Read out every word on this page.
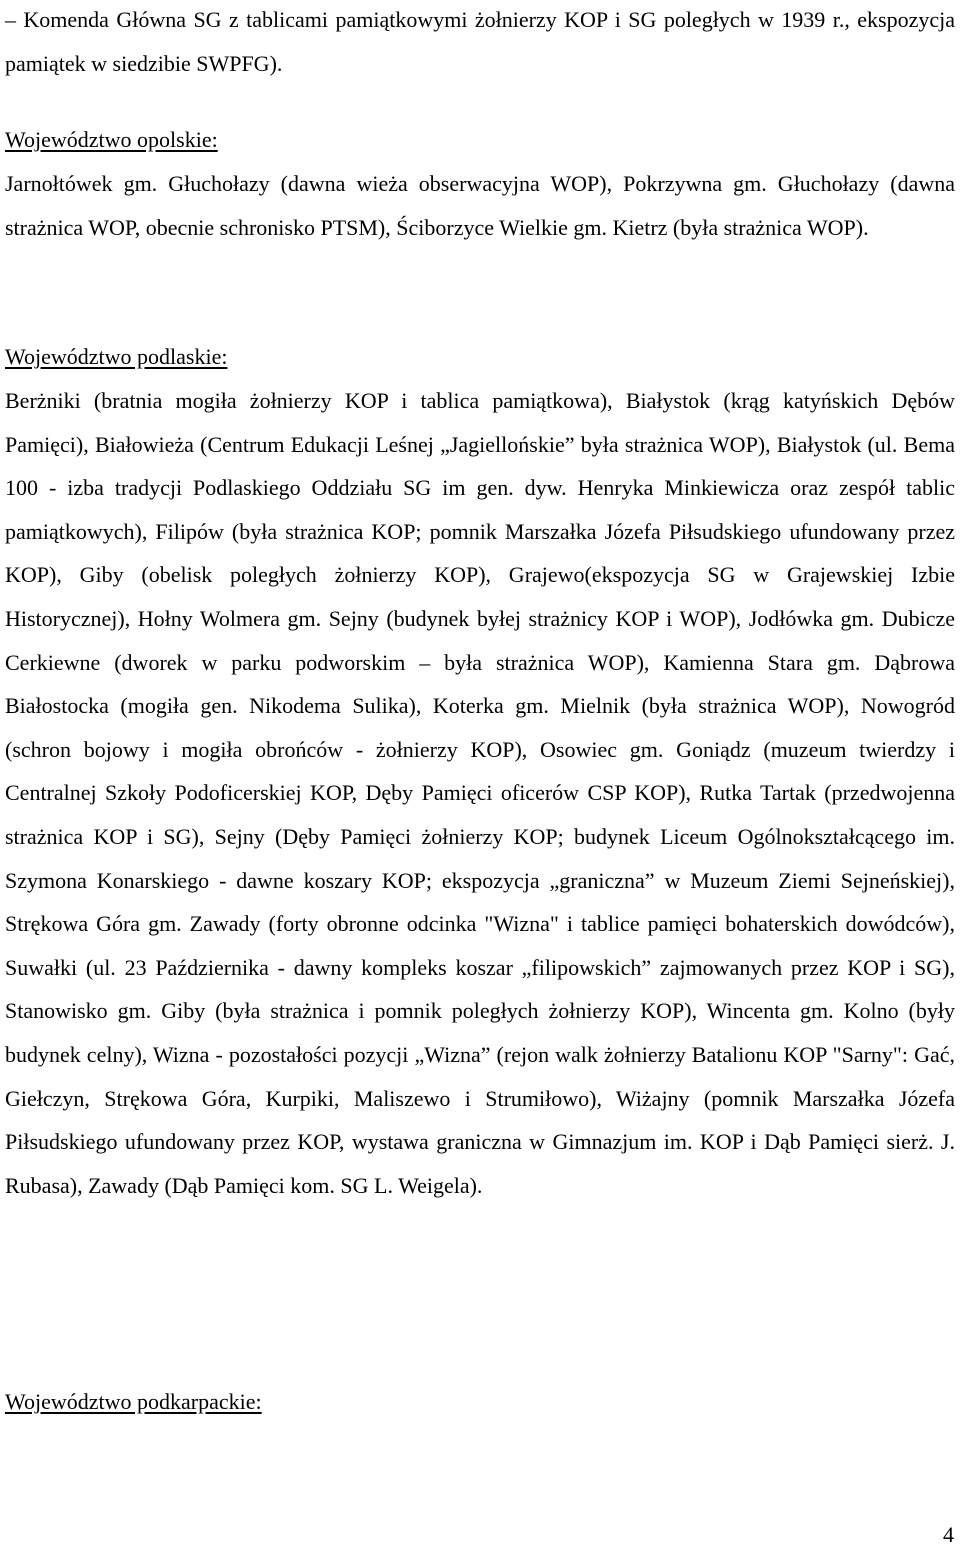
– Komenda Główna SG z tablicami pamiątkowymi żołnierzy KOP i SG poległych w 1939 r., ekspozycja pamiątek w siedzibie SWPFG).

Województwo opolskie:

Jarnołtówek gm. Głuchołazy (dawna wieża obserwacyjna WOP), Pokrzywna gm. Głuchołazy (dawna strażnica WOP, obecnie schronisko PTSM), Ściborzyce Wielkie gm. Kietrz (była strażnica WOP).

Województwo podlaskie:

Berżniki (bratnia mogiła żołnierzy KOP i tablica pamiątkowa), Białystok (krąg katyńskich Dębów Pamięci), Białowieża (Centrum Edukacji Leśnej „Jagiellońskie” była strażnica WOP), Białystok (ul. Bema 100 - izba tradycji Podlaskiego Oddziału SG im gen. dyw. Henryka Minkiewicza oraz zespół tablic pamiątkowych), Filipów (była strażnica KOP; pomnik Marszałka Józefa Piłsudskiego ufundowany przez KOP), Giby (obelisk poległych żołnierzy KOP), Grajewo(ekspozycja SG w Grajewskiej Izbie Historycznej), Hołny Wolmera gm. Sejny (budynek byłej strażnicy KOP i WOP), Jodłówka gm. Dubicze Cerkiewne (dworek w parku podworskim – była strażnica WOP), Kamienna Stara gm. Dąbrowa Białostocka (mogiła gen. Nikodema Sulika), Koterka gm. Mielnik (była strażnica WOP), Nowogród (schron bojowy i mogiła obrońców - żołnierzy KOP), Osowiec gm. Goniądz (muzeum twierdzy i Centralnej Szkoły Podoficerskiej KOP, Dęby Pamięci oficerów CSP KOP), Rutka Tartak (przedwojenna strażnica KOP i SG), Sejny (Dęby Pamięci żołnierzy KOP; budynek Liceum Ogólnokształcącego im. Szymona Konarskiego - dawne koszary KOP; ekspozycja „graniczna” w Muzeum Ziemi Sejneńskiej), Strękowa Góra gm. Zawady (forty obronne odcinka "Wizna" i tablice pamięci bohaterskich dowódców), Suwałki (ul. 23 Października - dawny kompleks koszar „filipowskich” zajmowanych przez KOP i SG), Stanowisko gm. Giby (była strażnica i pomnik poległych żołnierzy KOP), Wincenta gm. Kolno (były budynek celny), Wizna - pozostałości pozycji „Wizna” (rejon walk żołnierzy Batalionu KOP "Sarny": Gać, Giełczyn, Strękowa Góra, Kurpiki, Maliszewo i Strumiłowo), Wiżajny (pomnik Marszałka Józefa Piłsudskiego ufundowany przez KOP, wystawa graniczna w Gimnazjum im. KOP i Dąb Pamięci sierż. J. Rubasa), Zawady (Dąb Pamięci kom. SG L. Weigela).

Województwo podkarpackie:

4
